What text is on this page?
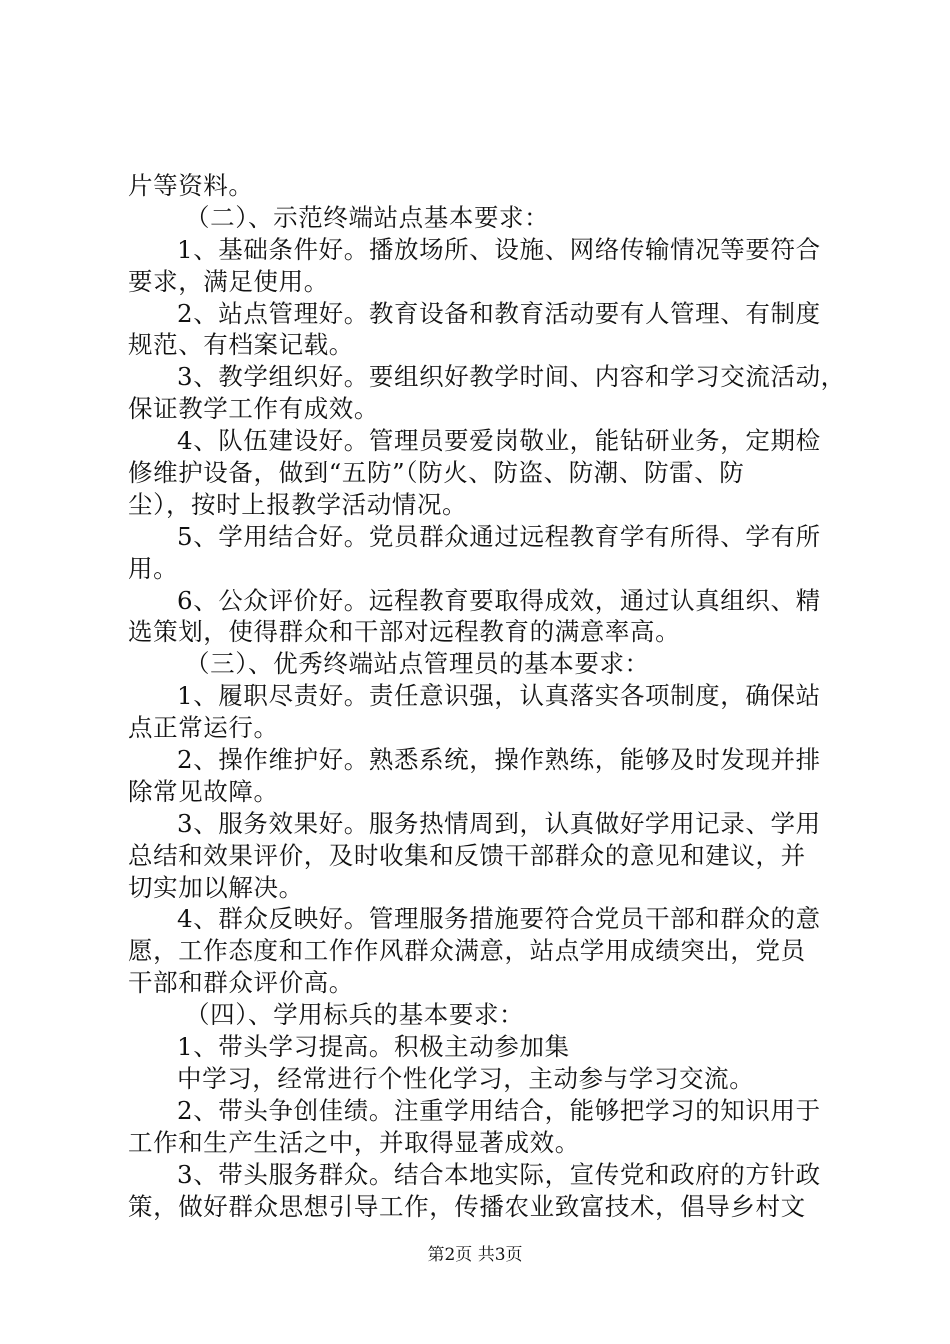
片等资料。
（二）、示范终端站点基本要求：
1、基础条件好。播放场所、设施、网络传输情况等要符合
要求，满足使用。
2、站点管理好。教育设备和教育活动要有人管理、有制度
规范、有档案记载。
3、教学组织好。要组织好教学时间、内容和学习交流活动，
保证教学工作有成效。
4、队伍建设好。管理员要爱岗敬业，能钻研业务，定期检
修维护设备，做到“五防”（防火、防盗、防潮、防雷、防
尘），按时上报教学活动情况。
5、学用结合好。党员群众通过远程教育学有所得、学有所
用。
6、公众评价好。远程教育要取得成效，通过认真组织、精
选策划，使得群众和干部对远程教育的满意率高。
（三）、优秀终端站点管理员的基本要求：
1、履职尽责好。责任意识强，认真落实各项制度，确保站
点正常运行。
2、操作维护好。熟悉系统，操作熟练，能够及时发现并排
除常见故障。
3、服务效果好。服务热情周到，认真做好学用记录、学用
总结和效果评价，及时收集和反馈干部群众的意见和建议，并
切实加以解决。
4、群众反映好。管理服务措施要符合党员干部和群众的意
愿，工作态度和工作作风群众满意，站点学用成绩突出，党员
干部和群众评价高。
（四）、学用标兵的基本要求：
1、带头学习提高。积极主动参加集
中学习，经常进行个性化学习，主动参与学习交流。
2、带头争创佳绩。注重学用结合，能够把学习的知识用于
工作和生产生活之中，并取得显著成效。
3、带头服务群众。结合本地实际，宣传党和政府的方针政
策，做好群众思想引导工作，传播农业致富技术，倡导乡村文
第2页 共3页
